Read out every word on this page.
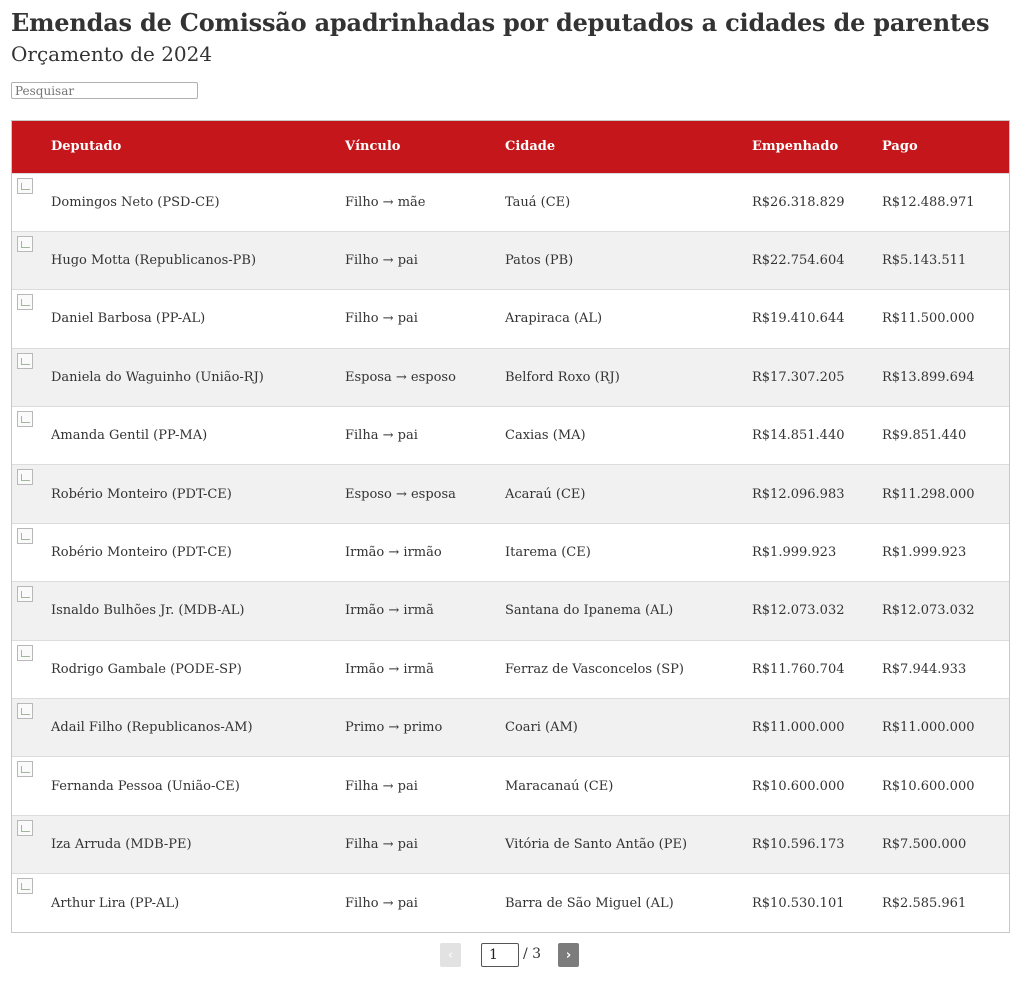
Emendas de Comissão apadrinhadas por deputados a cidades de parentes
Orçamento de 2024
Pesquisar
	Deputado	Vínculo	Cidade	Empenhado	Pago

	Domingos Neto (PSD-CE)	Filho → mãe	Tauá (CE)	R$26.318.829	R$12.488.971

	Hugo Motta (Republicanos-PB)	Filho → pai	Patos (PB)	R$22.754.604	R$5.143.511

	Daniel Barbosa (PP-AL)	Filho → pai	Arapiraca (AL)	R$19.410.644	R$11.500.000

	Daniela do Waguinho (União-RJ)	Esposa → esposo	Belford Roxo (RJ)	R$17.307.205	R$13.899.694

	Amanda Gentil (PP-MA)	Filha → pai	Caxias (MA)	R$14.851.440	R$9.851.440

	Robério Monteiro (PDT-CE)	Esposo → esposa	Acaraú (CE)	R$12.096.983	R$11.298.000

	Robério Monteiro (PDT-CE)	Irmão → irmão	Itarema (CE)	R$1.999.923	R$1.999.923

	Isnaldo Bulhões Jr. (MDB-AL)	Irmão → irmã	Santana do Ipanema (AL)	R$12.073.032	R$12.073.032

	Rodrigo Gambale (PODE-SP)	Irmão → irmã	Ferraz de Vasconcelos (SP)	R$11.760.704	R$7.944.933

	Adail Filho (Republicanos-AM)	Primo → primo	Coari (AM)	R$11.000.000	R$11.000.000

	Fernanda Pessoa (União-CE)	Filha → pai	Maracanaú (CE)	R$10.600.000	R$10.600.000

	Iza Arruda (MDB-PE)	Filha → pai	Vitória de Santo Antão (PE)	R$10.596.173	R$7.500.000

	Arthur Lira (PP-AL)	Filho → pai	Barra de São Miguel (AL)	R$10.530.101	R$2.585.961
‹
1	/ 3	›
